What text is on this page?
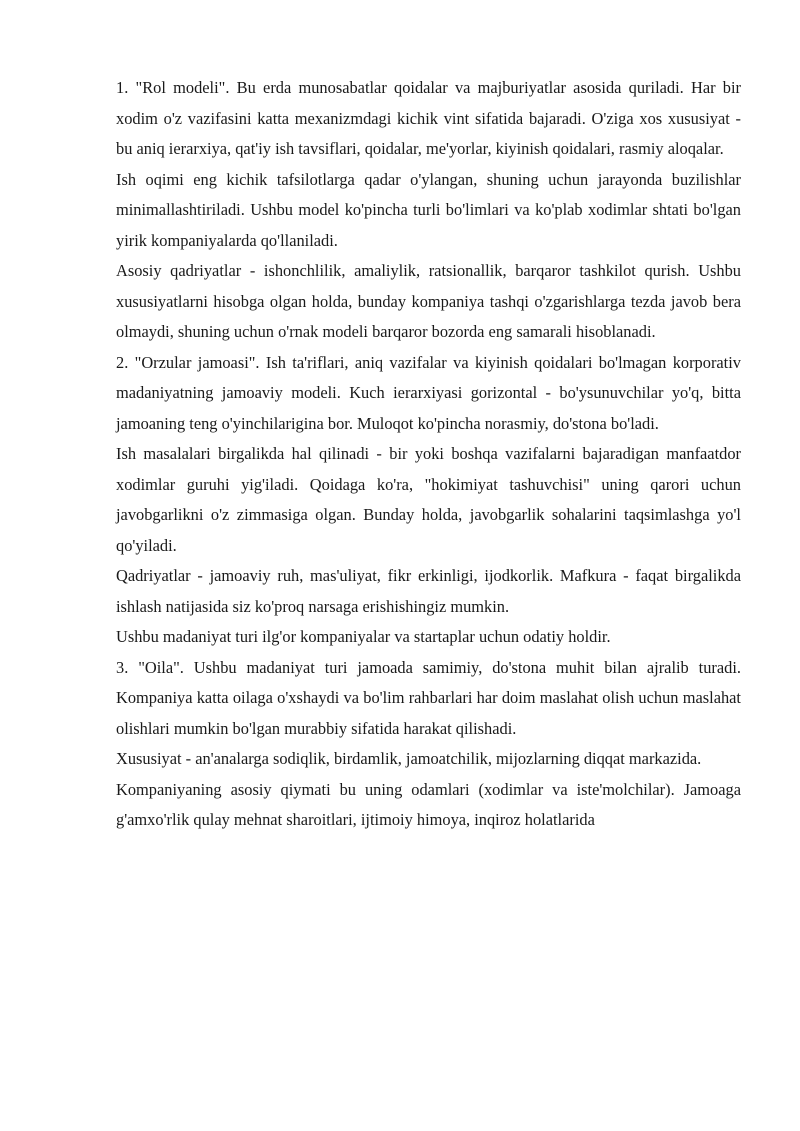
1. "Rol modeli". Bu erda munosabatlar qoidalar va majburiyatlar asosida quriladi. Har bir xodim o'z vazifasini katta mexanizmdagi kichik vint sifatida bajaradi. O'ziga xos xususiyat - bu aniq ierarxiya, qat'iy ish tavsiflari, qoidalar, me'yorlar, kiyinish qoidalari, rasmiy aloqalar.

Ish oqimi eng kichik tafsilotlarga qadar o'ylangan, shuning uchun jarayonda buzilishlar minimallashtiriladi. Ushbu model ko'pincha turli bo'limlari va ko'plab xodimlar shtati bo'lgan yirik kompaniyalarda qo'llaniladi.

Asosiy qadriyatlar - ishonchlilik, amaliylik, ratsionallik, barqaror tashkilot qurish. Ushbu xususiyatlarni hisobga olgan holda, bunday kompaniya tashqi o'zgarishlarga tezda javob bera olmaydi, shuning uchun o'rnak modeli barqaror bozorda eng samarali hisoblanadi.

2. "Orzular jamoasi". Ish ta'riflari, aniq vazifalar va kiyinish qoidalari bo'lmagan korporativ madaniyatning jamoaviy modeli. Kuch ierarxiyasi gorizontal - bo'ysunuvchilar yo'q, bitta jamoaning teng o'yinchilarigina bor. Muloqot ko'pincha norasmiy, do'stona bo'ladi.

Ish masalalari birgalikda hal qilinadi - bir yoki boshqa vazifalarni bajaradigan manfaatdor xodimlar guruhi yig'iladi. Qoidaga ko'ra, "hokimiyat tashuvchisi" uning qarori uchun javobgarlikni o'z zimmasiga olgan. Bunday holda, javobgarlik sohalarini taqsimlashga yo'l qo'yiladi.

Qadriyatlar - jamoaviy ruh, mas'uliyat, fikr erkinligi, ijodkorlik. Mafkura - faqat birgalikda ishlash natijasida siz ko'proq narsaga erishishingiz mumkin.

Ushbu madaniyat turi ilg'or kompaniyalar va startaplar uchun odatiy holdir.

3. "Oila". Ushbu madaniyat turi jamoada samimiy, do'stona muhit bilan ajralib turadi. Kompaniya katta oilaga o'xshaydi va bo'lim rahbarlari har doim maslahat olish uchun maslahat olishlari mumkin bo'lgan murabbiy sifatida harakat qilishadi.

Xususiyat - an'analarga sodiqlik, birdamlik, jamoatchilik, mijozlarning diqqat markazida.

Kompaniyaning asosiy qiymati bu uning odamlari (xodimlar va iste'molchilar). Jamoaga g'amxo'rlik qulay mehnat sharoitlari, ijtimoiy himoya, inqiroz holatlarida
